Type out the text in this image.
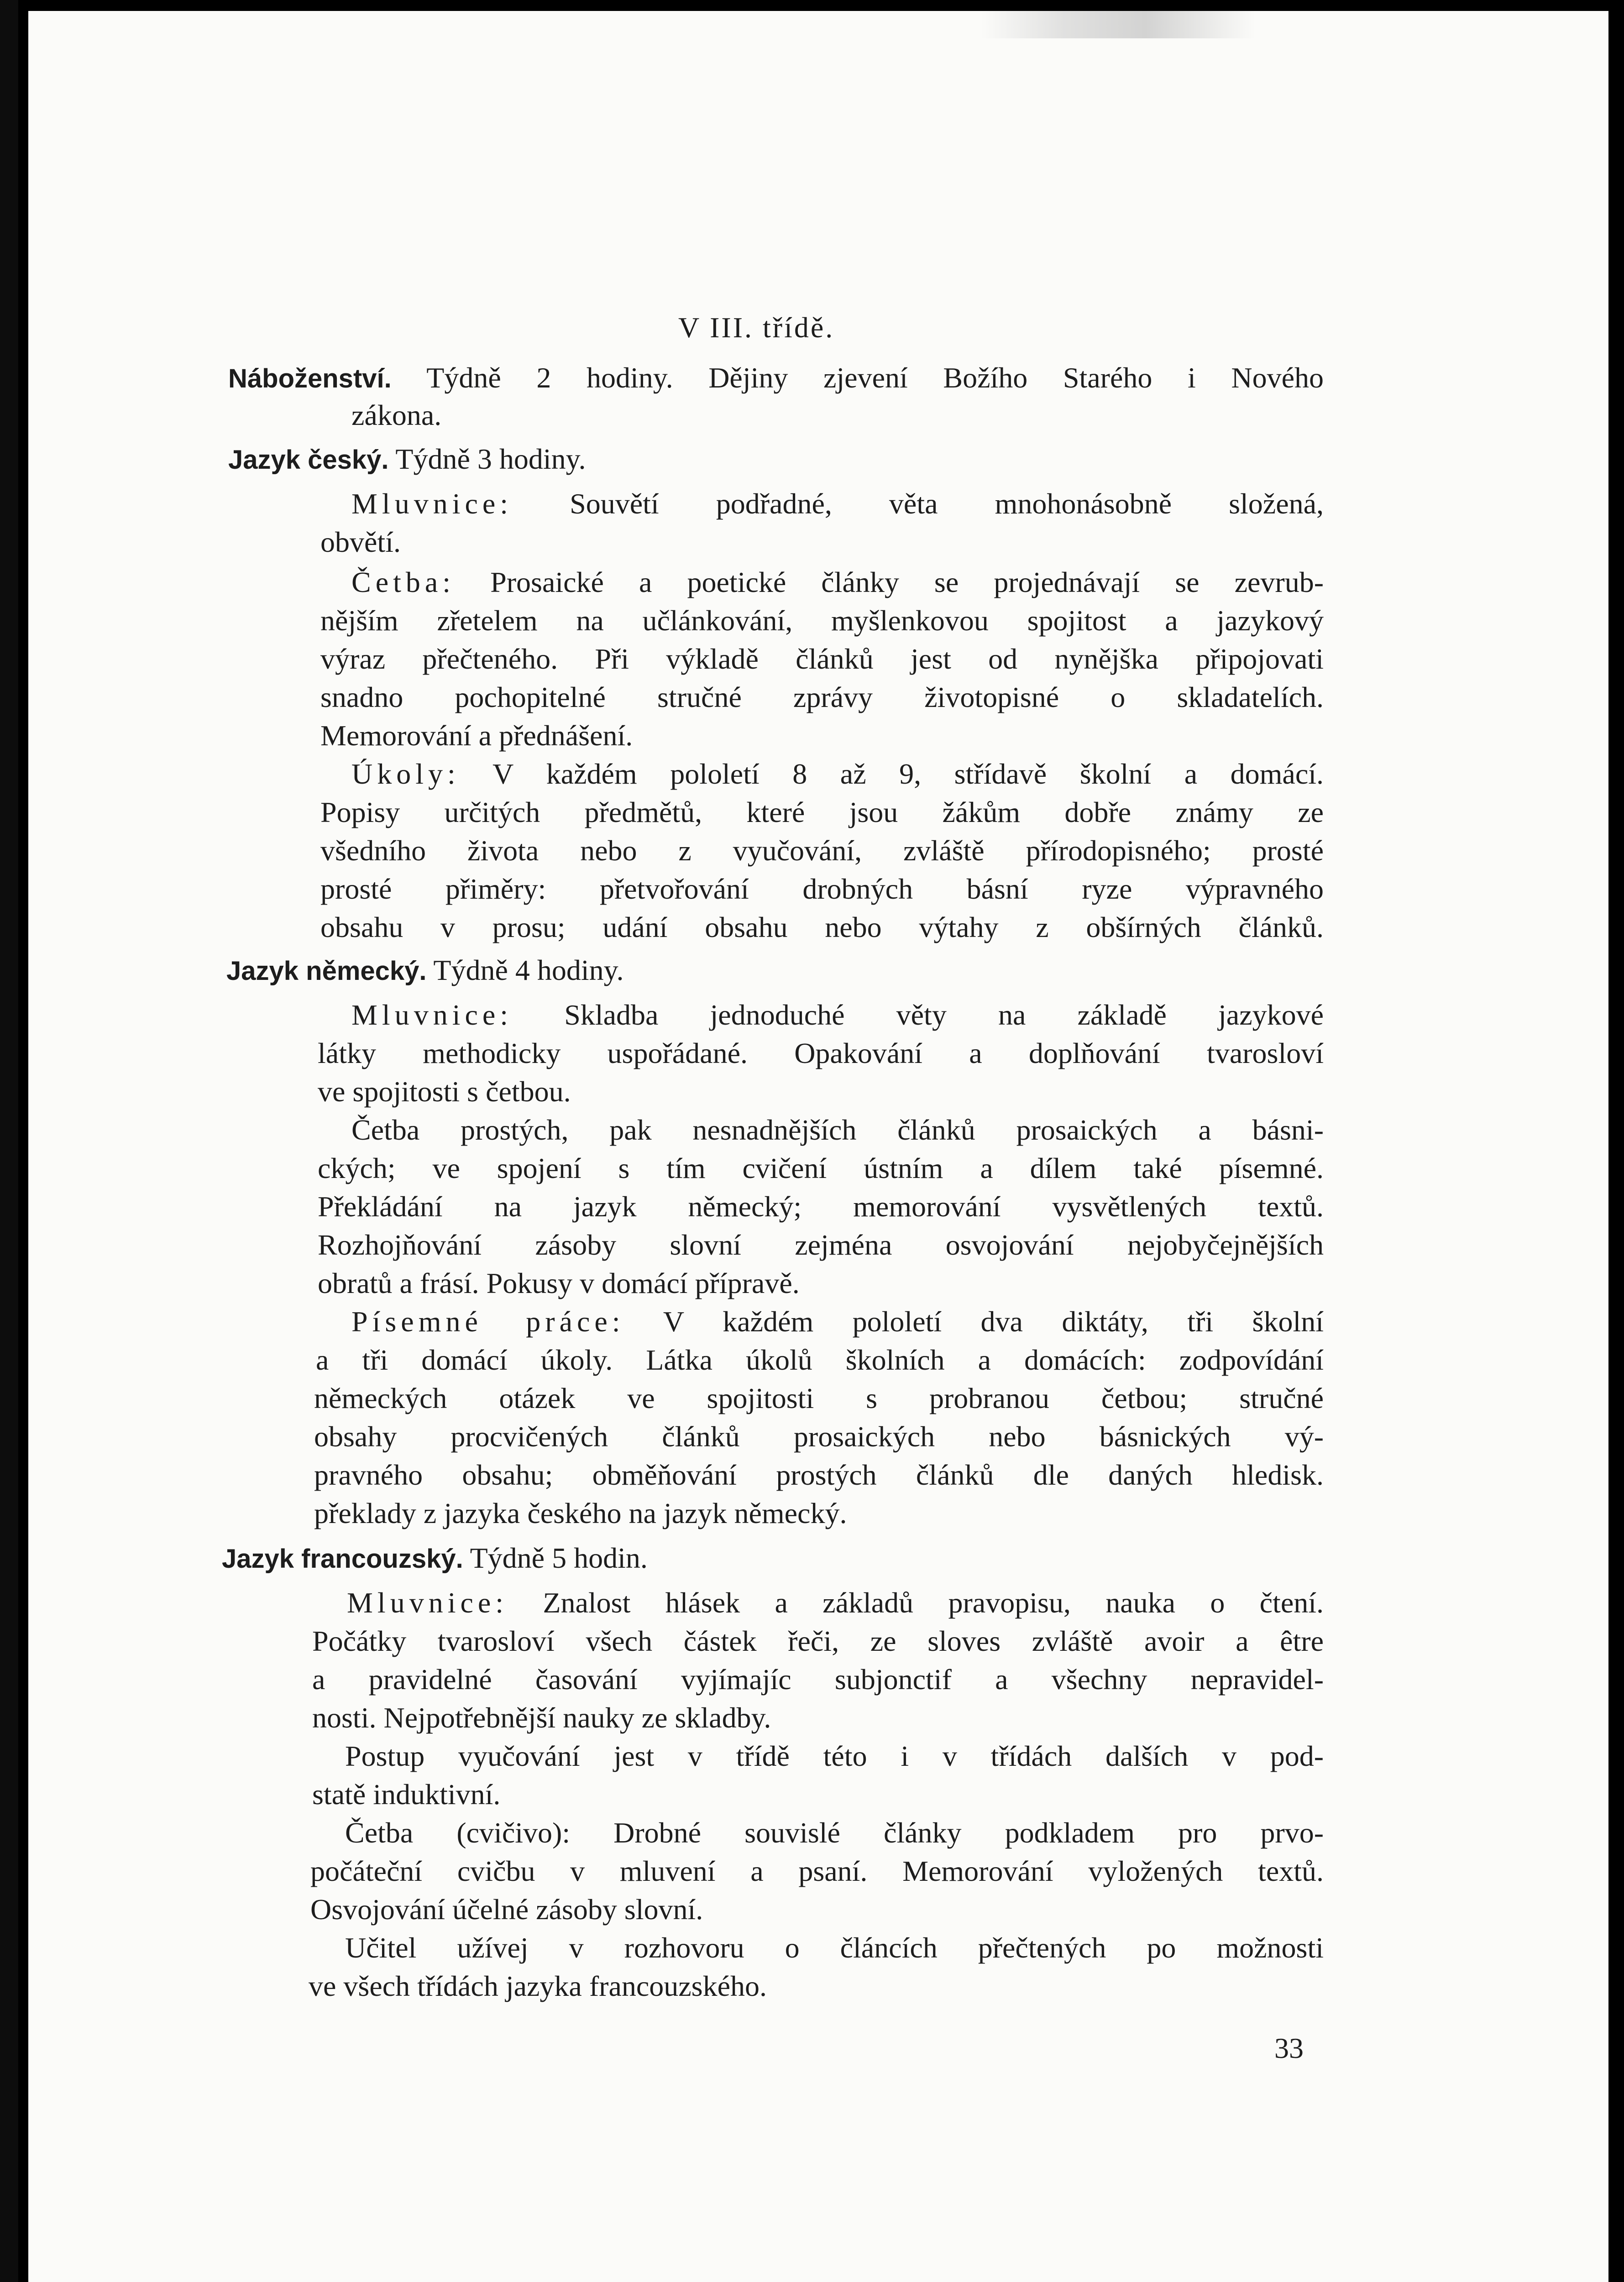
V III. třídě.
Náboženství. Týdně 2 hodiny. Dějiny zjevení Božího Starého i Nového
zákona.
Jazyk český. Týdně 3 hodiny.
Mluvnice: Souvětí podřadné, věta mnohonásobně složená,
obvětí.
Četba: Prosaické a poetické články se projednávají se zevrub-
nějším zřetelem na učlánkování, myšlenkovou spojitost a jazykový
výraz přečteného. Při výkladě článků jest od nynějška připojovati
snadno pochopitelné stručné zprávy životopisné o skladatelích.
Memorování a přednášení.
Úkoly: V každém pololetí 8 až 9, střídavě školní a domácí.
Popisy určitých předmětů, které jsou žákům dobře známy ze
všedního života nebo z vyučování, zvláště přírodopisného; prosté
prosté přiměry: přetvořování drobných básní ryze výpravného
obsahu v prosu; udání obsahu nebo výtahy z obšírných článků.
Jazyk německý. Týdně 4 hodiny.
Mluvnice: Skladba jednoduché věty na základě jazykové
látky methodicky uspořádané. Opakování a doplňování tvarosloví
ve spojitosti s četbou.
Četba prostých, pak nesnadnějších článků prosaických a básni-
ckých; ve spojení s tím cvičení ústním a dílem také písemné.
Překládání na jazyk německý; memorování vysvětlených textů.
Rozhojňování zásoby slovní zejména osvojování nejobyčejnějších
obratů a frásí. Pokusy v domácí přípravě.
Písemné práce: V každém pololetí dva diktáty, tři školní
a tři domácí úkoly. Látka úkolů školních a domácích: zodpovídání
německých otázek ve spojitosti s probranou četbou; stručné
obsahy procvičených článků prosaických nebo básnických vý-
pravného obsahu; obměňování prostých článků dle daných hledisk.
překlady z jazyka českého na jazyk německý.
Jazyk francouzský. Týdně 5 hodin.
Mluvnice: Znalost hlásek a základů pravopisu, nauka o čtení.
Počátky tvarosloví všech částek řeči, ze sloves zvláště avoir a être
a pravidelné časování vyjímajíc subjonctif a všechny nepravidel-
nosti. Nejpotřebnější nauky ze skladby.
Postup vyučování jest v třídě této i v třídách dalších v pod-
statě induktivní.
Četba (cvičivo): Drobné souvislé články podkladem pro prvo-
počáteční cvičbu v mluvení a psaní. Memorování vyložených textů.
Osvojování účelné zásoby slovní.
Učitel užívej v rozhovoru o článcích přečtených po možnosti
ve všech třídách jazyka francouzského.
33
